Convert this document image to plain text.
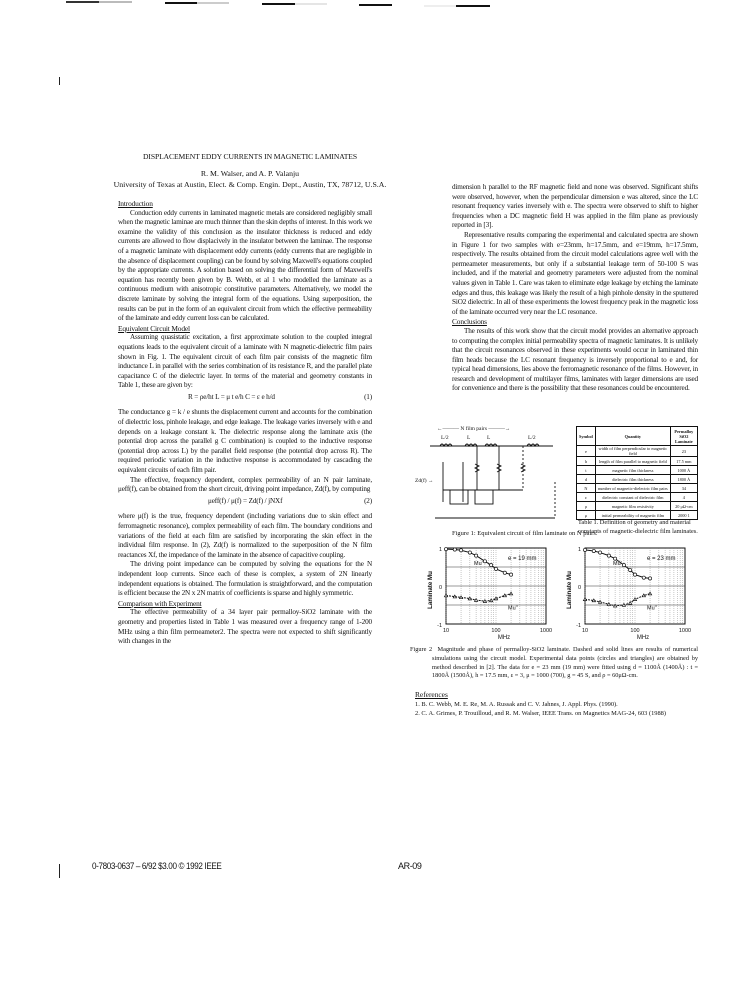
DISPLACEMENT EDDY CURRENTS IN MAGNETIC LAMINATES
R. M. Walser, and A. P. Valanju
University of Texas at Austin, Elect. & Comp. Engin. Dept., Austin, TX, 78712, U.S.A.
Introduction

Conduction eddy currents in laminated magnetic metals are considered negligibly small when the magnetic laminae are much thinner than the skin depths of interest. In this work we examine the validity of this conclusion as the insulator thickness is reduced and eddy currents are allowed to flow displacively in the insulator between the laminae. The response of a magnetic laminate with displacement eddy currents (eddy currents that are negligible in the absence of displacement coupling) can be found by solving Maxwell's equations coupled by the appropriate currents. A solution based on solving the differential form of Maxwell's equation has recently been given by B. Webb, et al 1 who modelled the laminate as a continuous medium with anisotropic constitutive parameters. Alternatively, we model the discrete laminate by solving the integral form of the equations. Using superposition, the results can be put in the form of an equivalent circuit from which the effective permeability of the laminate and eddy current loss can be calculated.

Equivalent Circuit Model

Assuming quasistatic excitation, a first approximate solution to the coupled integral equations leads to the equivalent circuit of a laminate with N magnetic-dielectric film pairs shown in Fig. 1. The equivalent circuit of each film pair consists of the magnetic film inductance L in parallel with the series combination of its resistance R, and the parallel plate capacitance C of the dielectric layer. In terms of the material and geometry constants in Table 1, these are given by:

R = ρe/ht L = μ t e/h C = ε e h/d	(1)

The conductance g = k / e shunts the displacement current and accounts for the combination of dielectric loss, pinhole leakage, and edge leakage. The leakage varies inversely with e and depends on a leakage constant k. The dielectric response along the laminate axis (the potential drop across the parallel g C combination) is coupled to the inductive response (potential drop across L) by the parallel field response (the potential drop across R). The required periodic variation in the inductive response is accommodated by cascading the equivalent circuits of each film pair.

The effective, frequency dependent, complex permeability of an N pair laminate, μeff(f), can be obtained from the short circuit, driving point impedance, Zd(f), by computing

μeff(f) / μ(f) = Zd(f) / jNXf	(2)

where μ(f) is the true, frequency dependent (including variations due to skin effect and ferromagnetic resonance), complex permeability of each film. The boundary conditions and variations of the field at each film are satisfied by incorporating the skin effect in the individual film response. In (2), Zd(f) is normalized to the superposition of the N film reactances Xf, the impedance of the laminate in the absence of capacitive coupling.

The driving point impedance can be computed by solving the equations for the N independent loop currents. Since each of these is complex, a system of 2N linearly independent equations is obtained. The formulation is straightforward, and the computation is efficient because the 2N x 2N matrix of coefficients is sparse and highly symmetric.

Comparison with Experiment

The effective permeability of a 34 layer pair permalloy-SiO2 laminate with the geometry and properties listed in Table 1 was measured over a frequency range of 1-200 MHz using a thin film permeameter2. The spectra were not expected to shift significantly with changes in the

dimension h parallel to the RF magnetic field and none was observed. Significant shifts were observed, however, when the perpendicular dimension e was altered, since the LC resonant frequency varies inversely with e. The spectra were observed to shift to higher frequencies when a DC magnetic field H was applied in the film plane as previously reported in [3].

Representative results comparing the experimental and calculated spectra are shown in Figure 1 for two samples with e=23mm, h=17.5mm, and e=19mm, h=17.5mm, respectively. The results obtained from the circuit model calculations agree well with the permeameter measurements, but only if a substantial leakage term of 50-100 S was included, and if the material and geometry parameters were adjusted from the nominal values given in Table 1. Care was taken to eliminate edge leakage by etching the laminate edges and thus, this leakage was likely the result of a high pinhole density in the sputtered SiO2 dielectric. In all of these experiments the lowest frequency peak in the magnetic loss of the laminate occurred very near the LC resonance.

Conclusions

The results of this work show that the circuit model provides an alternative approach to computing the complex initial permeability spectra of magnetic laminates. It is unlikely that the circuit resonances observed in these experiments would occur in laminated thin film heads because the LC resonant frequency is inversely proportional to e and, for typical head dimensions, lies above the ferromagnetic resonance of the films. However, in research and development of multilayer films, laminates with larger dimensions are used for convenience and there is the possibility that these resonances could be encountered.

←——— N film pairs ———→
L/2	L	L	L/2
Zd(f) →
Figure 1: Equivalent circuit of film laminate on N pairs.
Symbol	Quantity	Permalloy SiO2 Laminate
e	width of film perpendicular to magnetic field	23
h	length of film parallel to magnetic field	17.5 mm
t	magnetic film thickness	1000 Å
d	dielectric film thickness	1800 Å
N	number of magnetic-dielectric film pairs	34
ε	dielectric constant of dielectric film	4
ρ	magnetic film resistivity	20 μΩ-cm
μ	initial permeability of magnetic film	2000 1
Table 1. Definition of geometry and material constants of magnetic-dielectric film laminates.
10	100	1000
1
0
-1
MHz
Laminate Mu
e = 19 mm
Mu'
Mu''
10	100	1000
1
0
-1
MHz
Laminate Mu
e = 23 mm
Mu'
Mu''

Figure 2 Magnitude and phase of permalloy-SiO2 laminate. Dashed and solid lines are results of numerical simulations using the circuit model. Experimental data points (circles and triangles) are obtained by method described in [2]. The data for e = 23 mm (19 mm) were fitted using d = 1100Å (1400Å) : t = 1800Å (1500Å), h = 17.5 mm, ε = 3, μ = 1000 (700), g = 45 S, and ρ = 60μΩ-cm.

References
1. B. C. Webb, M. E. Re, M. A. Russak and C. V. Jahnes, J. Appl. Phys. (1990).
2. C. A. Grimes, P. Trouilloud, and R. M. Walser, IEEE Trans. on Magnetics MAG-24, 603 (1988)
0-7803-0637 – 6/92 $3.00 © 1992 IEEE	AR-09
